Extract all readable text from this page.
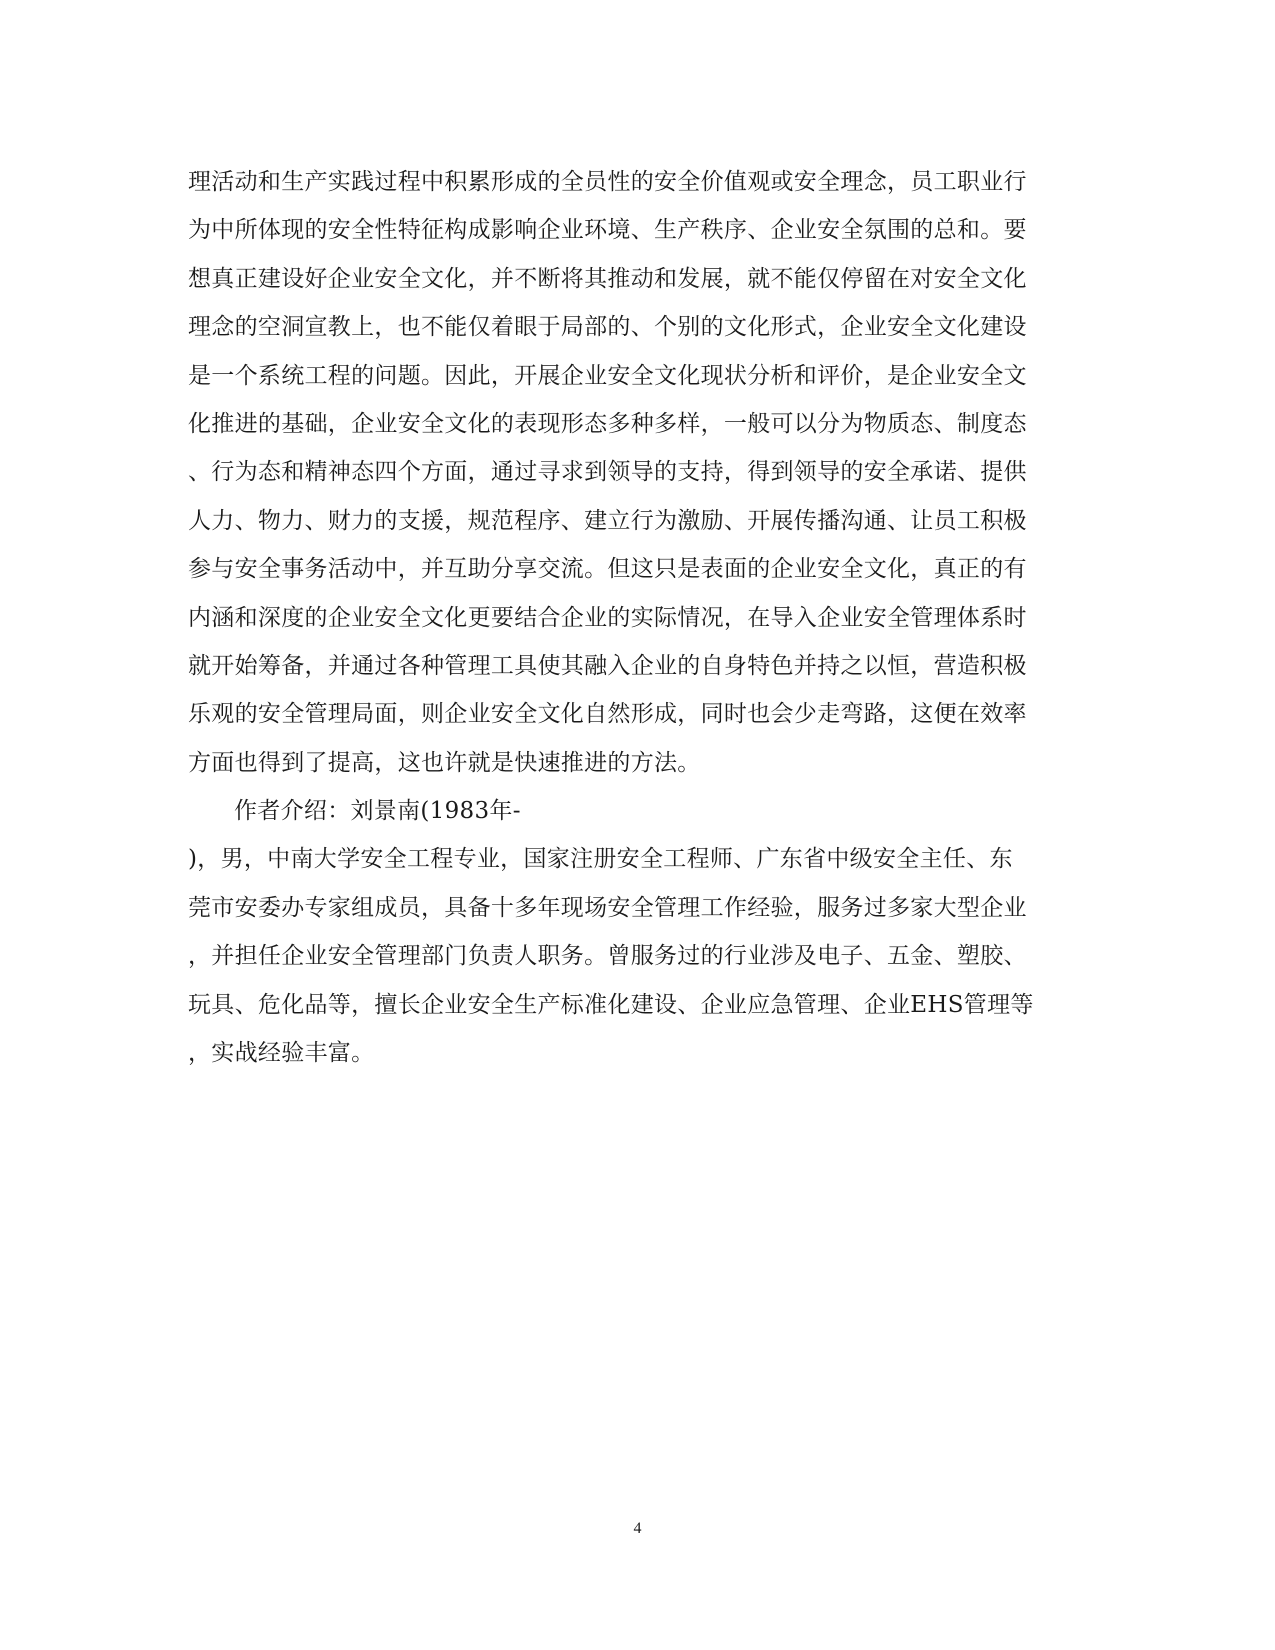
理活动和生产实践过程中积累形成的全员性的安全价值观或安全理念，员工职业行
为中所体现的安全性特征构成影响企业环境、生产秩序、企业安全氛围的总和。要
想真正建设好企业安全文化，并不断将其推动和发展，就不能仅停留在对安全文化
理念的空洞宣教上，也不能仅着眼于局部的、个别的文化形式，企业安全文化建设
是一个系统工程的问题。因此，开展企业安全文化现状分析和评价，是企业安全文
化推进的基础，企业安全文化的表现形态多种多样，一般可以分为物质态、制度态
、行为态和精神态四个方面，通过寻求到领导的支持，得到领导的安全承诺、提供
人力、物力、财力的支援，规范程序、建立行为激励、开展传播沟通、让员工积极
参与安全事务活动中，并互助分享交流。但这只是表面的企业安全文化，真正的有
内涵和深度的企业安全文化更要结合企业的实际情况，在导入企业安全管理体系时
就开始筹备，并通过各种管理工具使其融入企业的自身特色并持之以恒，营造积极
乐观的安全管理局面，则企业安全文化自然形成，同时也会少走弯路，这便在效率
方面也得到了提高，这也许就是快速推进的方法。
作者介绍：刘景南(1983年-
)，男，中南大学安全工程专业，国家注册安全工程师、广东省中级安全主任、东
莞市安委办专家组成员，具备十多年现场安全管理工作经验，服务过多家大型企业
，并担任企业安全管理部门负责人职务。曾服务过的行业涉及电子、五金、塑胶、
玩具、危化品等，擅长企业安全生产标准化建设、企业应急管理、企业EHS管理等
，实战经验丰富。
4
